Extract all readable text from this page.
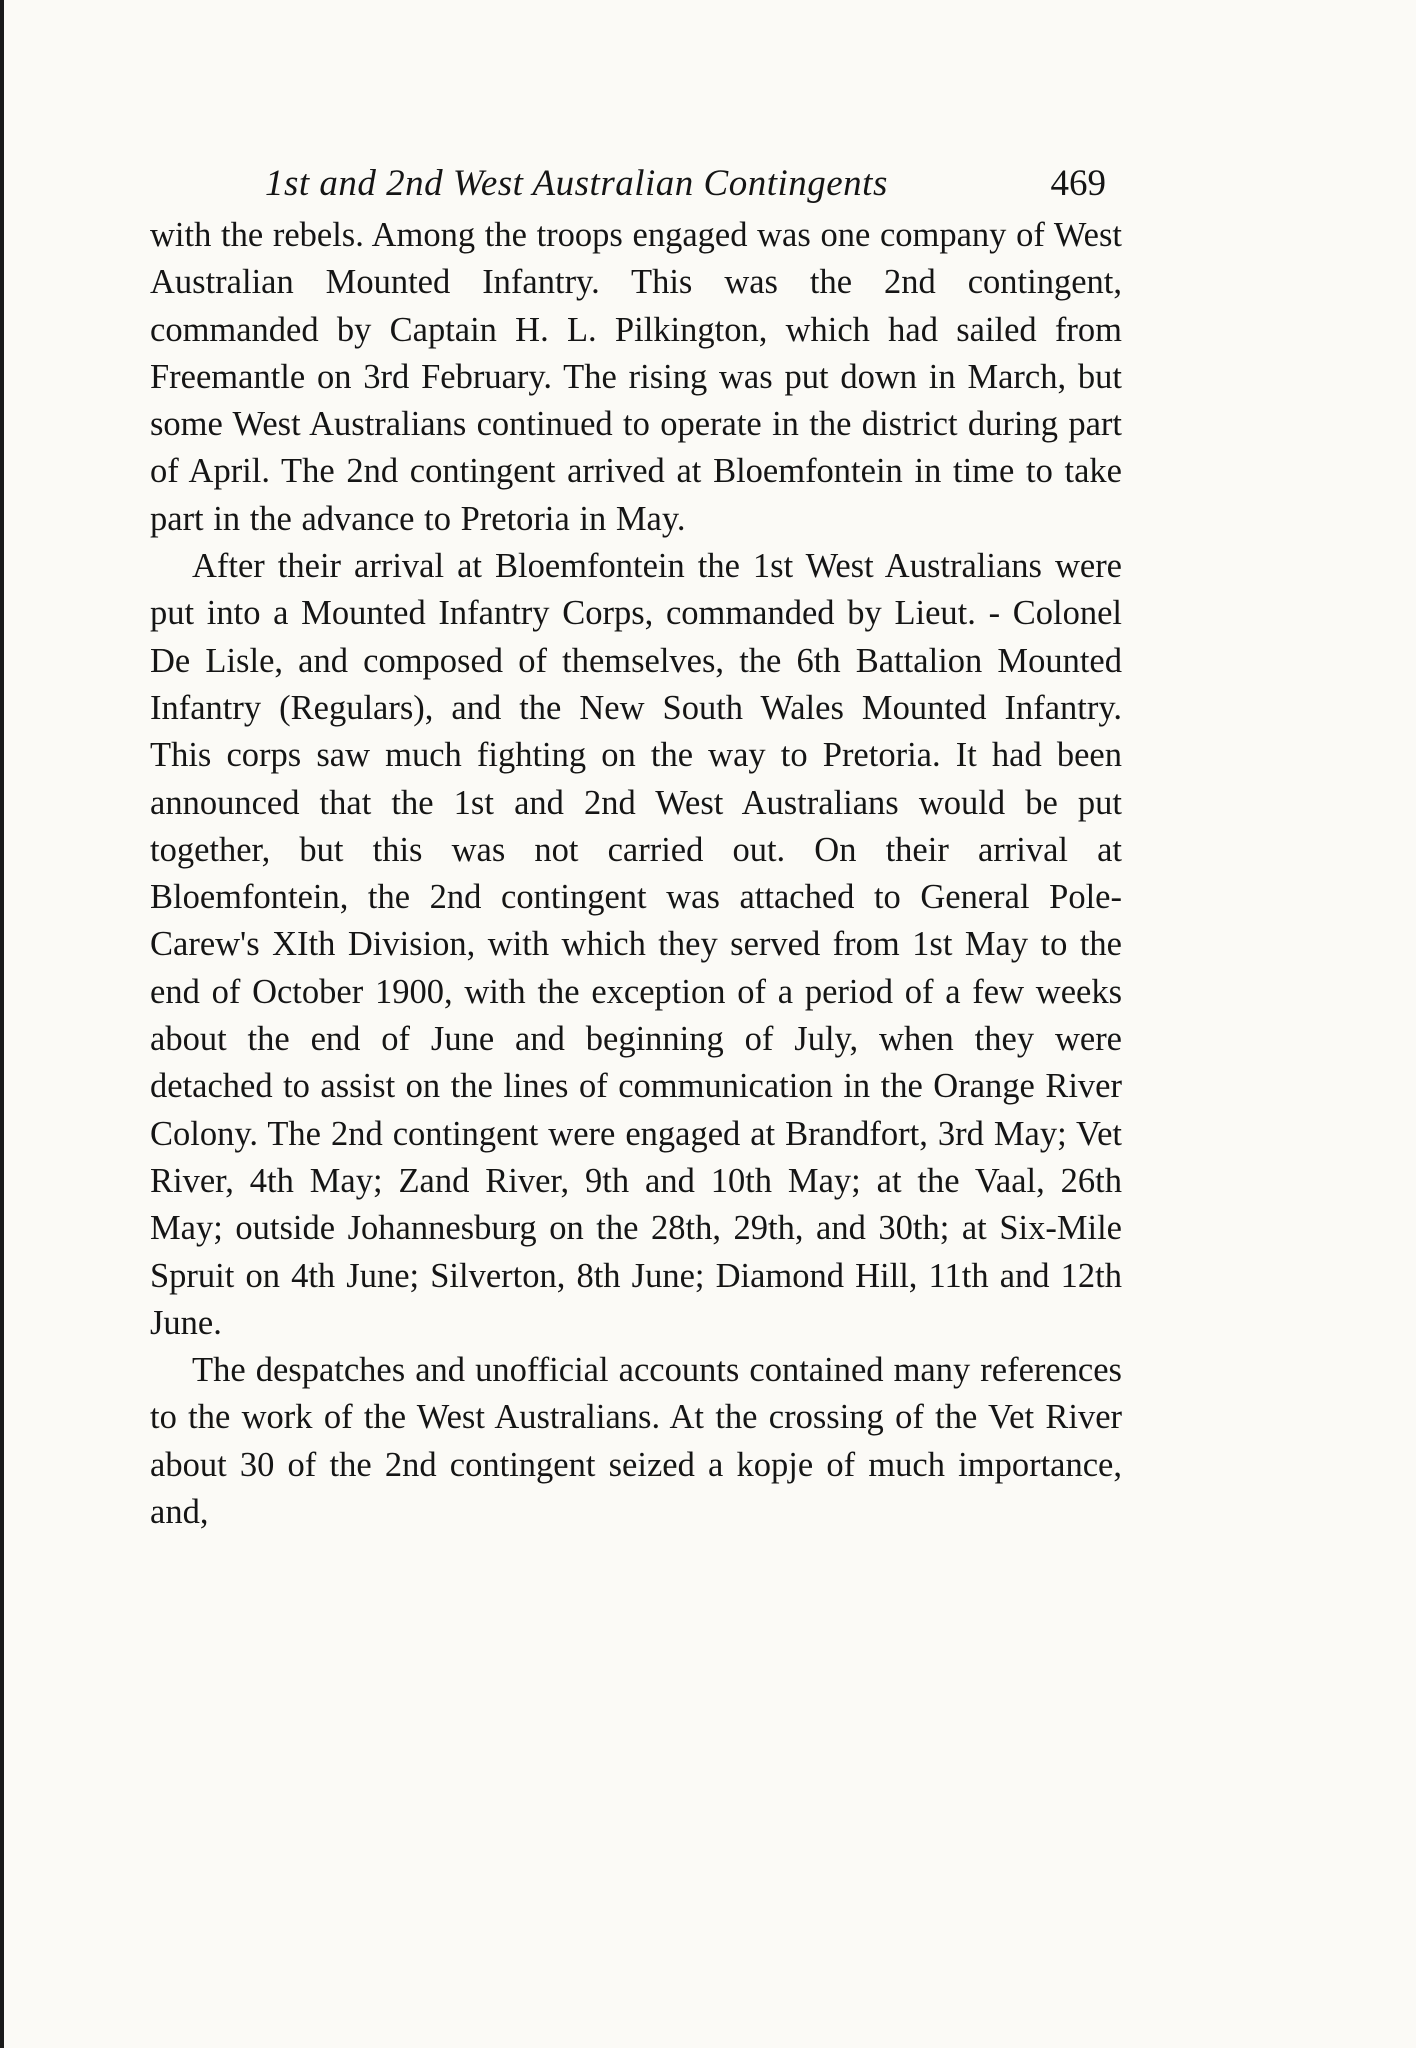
1st and 2nd West Australian Contingents	469

with the rebels. Among the troops engaged was one company of West Australian Mounted Infantry. This was the 2nd contingent, commanded by Captain H. L. Pilkington, which had sailed from Freemantle on 3rd February. The rising was put down in March, but some West Australians continued to operate in the district during part of April. The 2nd contingent arrived at Bloemfontein in time to take part in the advance to Pretoria in May.

After their arrival at Bloemfontein the 1st West Australians were put into a Mounted Infantry Corps, commanded by Lieut. - Colonel De Lisle, and composed of themselves, the 6th Battalion Mounted Infantry (Regulars), and the New South Wales Mounted Infantry. This corps saw much fighting on the way to Pretoria. It had been announced that the 1st and 2nd West Australians would be put together, but this was not carried out. On their arrival at Bloemfontein, the 2nd contingent was attached to General Pole-Carew's XIth Division, with which they served from 1st May to the end of October 1900, with the exception of a period of a few weeks about the end of June and beginning of July, when they were detached to assist on the lines of communication in the Orange River Colony. The 2nd contingent were engaged at Brandfort, 3rd May; Vet River, 4th May; Zand River, 9th and 10th May; at the Vaal, 26th May; outside Johannesburg on the 28th, 29th, and 30th; at Six-Mile Spruit on 4th June; Silverton, 8th June; Diamond Hill, 11th and 12th June.

The despatches and unofficial accounts contained many references to the work of the West Australians. At the crossing of the Vet River about 30 of the 2nd contingent seized a kopje of much importance, and,
